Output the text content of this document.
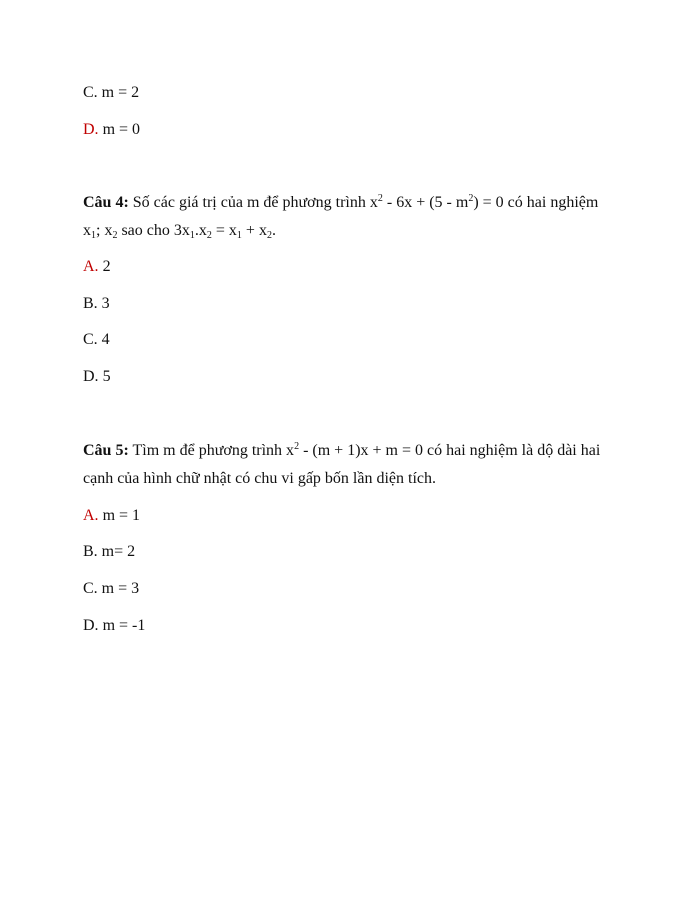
C. m = 2
D. m = 0
Câu 4: Số các giá trị của m để phương trình $x^2 - 6x + (5 - m^2) = 0$ có hai nghiệm
$x_1$; $x_2$ sao cho $3x_1.x_2 = x_1 + x_2$.
A. 2
B. 3
C. 4
D. 5
Câu 5: Tìm m để phương trình $x^2 - (m + 1)x + m = 0$ có hai nghiệm là dộ dài hai
cạnh của hình chữ nhật có chu vi gấp bốn lần diện tích.
A. m = 1
B. m= 2
C. m = 3
D. m = -1
